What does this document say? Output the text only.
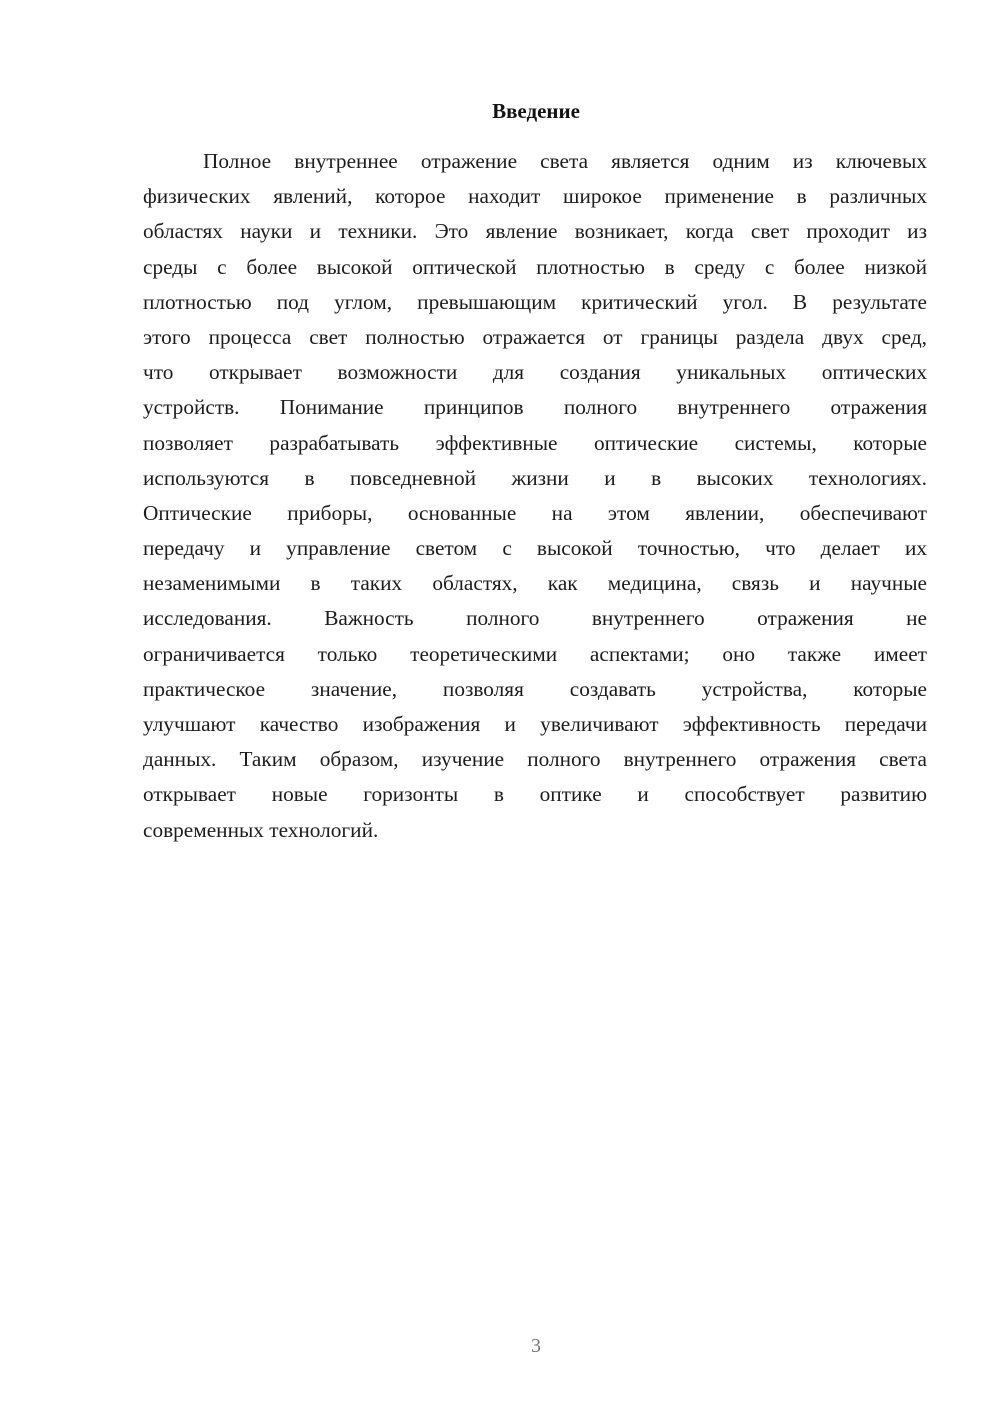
Введение
Полное внутреннее отражение света является одним из ключевых
физических явлений, которое находит широкое применение в различных
областях науки и техники. Это явление возникает, когда свет проходит из
среды с более высокой оптической плотностью в среду с более низкой
плотностью под углом, превышающим критический угол. В результате
этого процесса свет полностью отражается от границы раздела двух сред,
что открывает возможности для создания уникальных оптических
устройств. Понимание принципов полного внутреннего отражения
позволяет разрабатывать эффективные оптические системы, которые
используются в повседневной жизни и в высоких технологиях.
Оптические приборы, основанные на этом явлении, обеспечивают
передачу и управление светом с высокой точностью, что делает их
незаменимыми в таких областях, как медицина, связь и научные
исследования. Важность полного внутреннего отражения не
ограничивается только теоретическими аспектами; оно также имеет
практическое значение, позволяя создавать устройства, которые
улучшают качество изображения и увеличивают эффективность передачи
данных. Таким образом, изучение полного внутреннего отражения света
открывает новые горизонты в оптике и способствует развитию
современных технологий.
3
